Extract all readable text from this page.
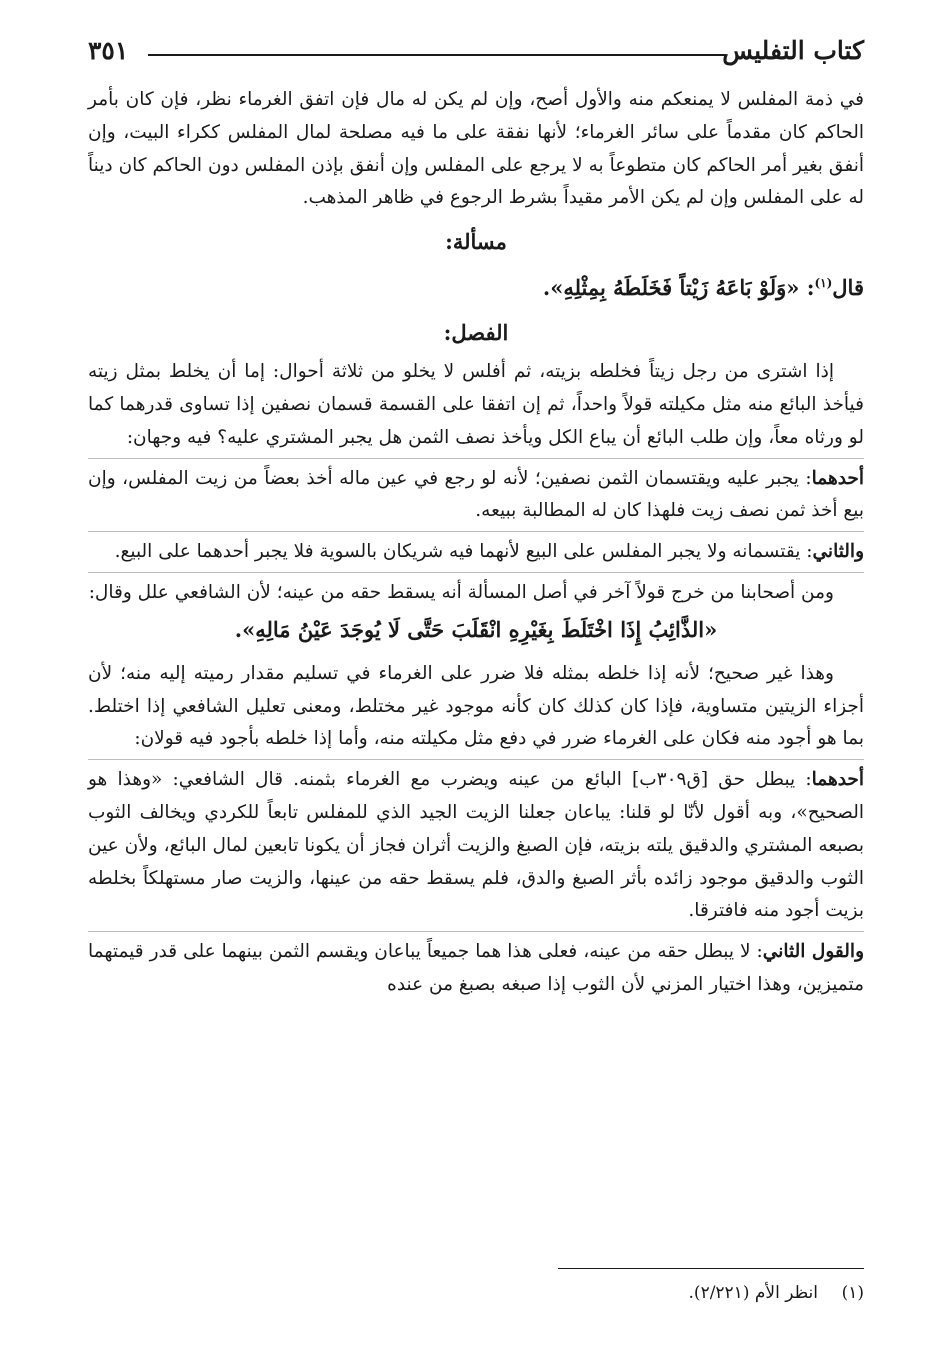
كتاب التفليس
٣٥١

في ذمة المفلس لا يمنعكم منه والأول أصح، وإن لم يكن له مال فإن اتفق الغرماء نظر، فإن كان بأمر الحاكم كان مقدماً على سائر الغرماء؛ لأنها نفقة على ما فيه مصلحة لمال المفلس ككراء البيت، وإن أنفق بغير أمر الحاكم كان متطوعاً به لا يرجع على المفلس وإن أنفق بإذن المفلس دون الحاكم كان ديناً له على المفلس وإن لم يكن الأمر مقيداً بشرط الرجوع في ظاهر المذهب.

مسألة:

قال$^{(١)}$: «وَلَوْ بَاعَهُ زَيْتاً فَخَلَطَهُ بِمِثْلِهِ».

الفصل:

إذا اشترى من رجل زيتاً فخلطه بزيته، ثم أفلس لا يخلو من ثلاثة أحوال: إما أن يخلط بمثل زيته فيأخذ البائع منه مثل مكيلته قولاً واحداً، ثم إن اتفقا على القسمة قسمان نصفين إذا تساوى قدرهما كما لو ورثاه معاً، وإن طلب البائع أن يباع الكل ويأخذ نصف الثمن هل يجبر المشتري عليه؟ فيه وجهان:

أحدهما: يجبر عليه ويقتسمان الثمن نصفين؛ لأنه لو رجع في عين ماله أخذ بعضاً من زيت المفلس، وإن بيع أخذ ثمن نصف زيت فلهذا كان له المطالبة ببيعه.

والثاني: يقتسمانه ولا يجبر المفلس على البيع لأنهما فيه شريكان بالسوية فلا يجبر أحدهما على البيع.

ومن أصحابنا من خرج قولاً آخر في أصل المسألة أنه يسقط حقه من عينه؛ لأن الشافعي علل وقال:

«الذَّائِبُ إِذَا اخْتَلَطَ بِغَيْرِهِ انْقَلَبَ حَتَّى لَا يُوجَدَ عَيْنُ مَالِهِ».

وهذا غير صحيح؛ لأنه إذا خلطه بمثله فلا ضرر على الغرماء في تسليم مقدار رميته إليه منه؛ لأن أجزاء الزيتين متساوية، فإذا كان كذلك كان كأنه موجود غير مختلط، ومعنى تعليل الشافعي إذا اختلط. بما هو أجود منه فكان على الغرماء ضرر في دفع مثل مكيلته منه، وأما إذا خلطه بأجود فيه قولان:

أحدهما: يبطل حق [ق٣٠٩ب] البائع من عينه ويضرب مع الغرماء بثمنه. قال الشافعي: «وهذا هو الصحيح»، وبه أقول لأنّا لو قلنا: يباعان جعلنا الزيت الجيد الذي للمفلس تابعاً للكردي ويخالف الثوب بصبعه المشتري والدقيق يلته بزيته، فإن الصبغ والزيت أثران فجاز أن يكونا تابعين لمال البائع، ولأن عين الثوب والدقيق موجود زائده بأثر الصبغ والدق، فلم يسقط حقه من عينها، والزيت صار مستهلكاً بخلطه بزيت أجود منه فافترقا.

والقول الثاني: لا يبطل حقه من عينه، فعلى هذا هما جميعاً يباعان ويقسم الثمن بينهما على قدر قيمتهما متميزين، وهذا اختيار المزني لأن الثوب إذا صبغه بصبغ من عنده

(١)انظر الأم (٢/٢٢١).
